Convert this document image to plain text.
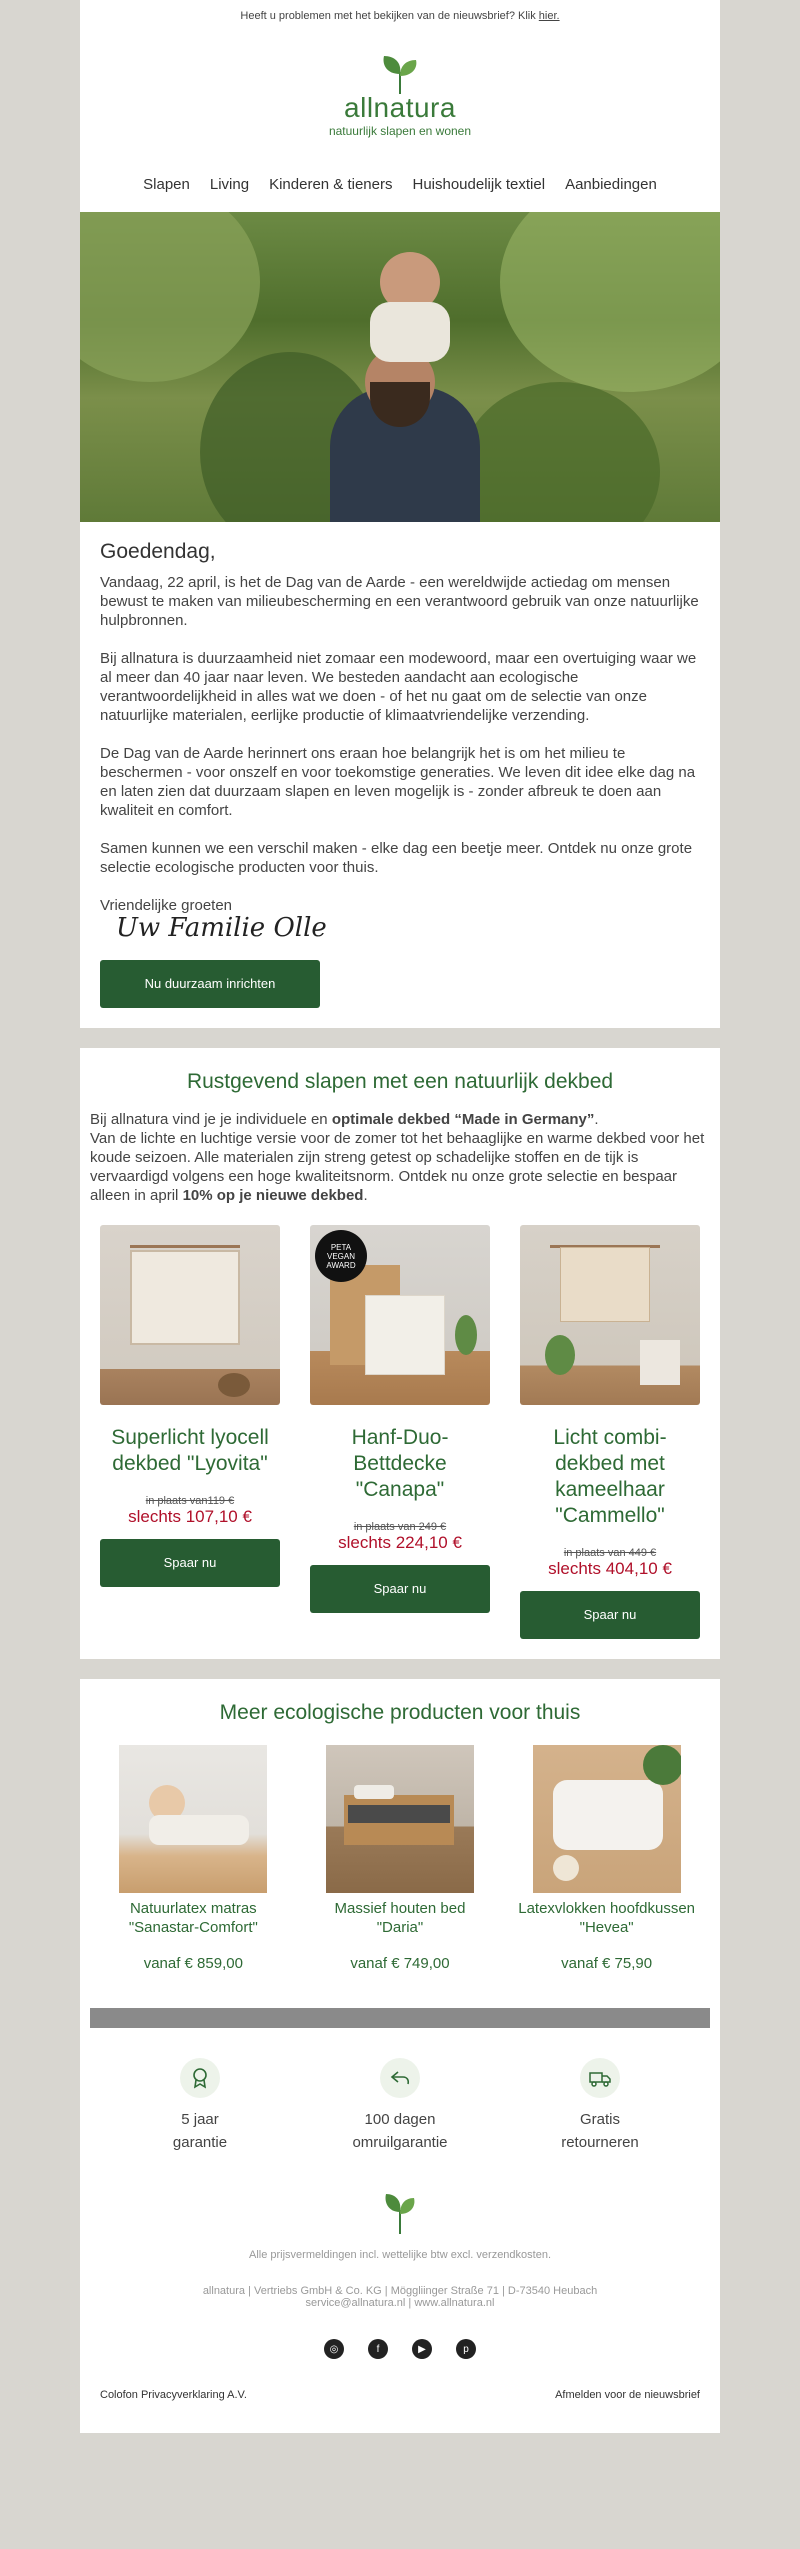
Heeft u problemen met het bekijken van de nieuwsbrief? Klik hier.
allnatura
natuurlijk slapen en wonen
Slapen	Living	Kinderen & tieners	Huishoudelijk textiel	Aanbiedingen
Goedendag,

Vandaag, 22 april, is het de Dag van de Aarde - een wereldwijde actiedag om mensen bewust te maken van milieubescherming en een verantwoord gebruik van onze natuurlijke hulpbronnen.

Bij allnatura is duurzaamheid niet zomaar een modewoord, maar een overtuiging waar we al meer dan 40 jaar naar leven. We besteden aandacht aan ecologische verantwoordelijkheid in alles wat we doen - of het nu gaat om de selectie van onze natuurlijke materialen, eerlijke productie of klimaatvriendelijke verzending.

De Dag van de Aarde herinnert ons eraan hoe belangrijk het is om het milieu te beschermen - voor onszelf en voor toekomstige generaties. We leven dit idee elke dag na en laten zien dat duurzaam slapen en leven mogelijk is - zonder afbreuk te doen aan kwaliteit en comfort.

Samen kunnen we een verschil maken - elke dag een beetje meer. Ontdek nu onze grote selectie ecologische producten voor thuis.

Vriendelijke groeten
Uw Familie Olle
Nu duurzaam inrichten
Rustgevend slapen met een natuurlijk dekbed
Bij allnatura vind je je individuele en optimale dekbed “Made in Germany”.
Van de lichte en luchtige versie voor de zomer tot het behaaglijke en warme dekbed voor het koude seizoen. Alle materialen zijn streng getest op schadelijke stoffen en de tijk is vervaardigd volgens een hoge kwaliteitsnorm. Ontdek nu onze grote selectie en bespaar alleen in april 10% op je nieuwe dekbed.
Superlicht lyocell dekbed "Lyovita"
in plaats van119 €
slechts 107,10 €
Spaar nu
PETA VEGAN AWARD
Hanf-Duo-Bettdecke "Canapa"
in plaats van 249 €
slechts 224,10 €
Spaar nu
Licht combi-dekbed met kameelhaar "Cammello"
in plaats van 449 €
slechts 404,10 €
Spaar nu
Meer ecologische producten voor thuis
Natuurlatex matras "Sanastar-Comfort"
vanaf € 859,00
Massief houten bed "Daria"
vanaf € 749,00
Latexvlokken hoofdkussen "Hevea"
vanaf € 75,90
5 jaar
garantie
100 dagen
omruilgarantie
Gratis
retourneren
Alle prijsvermeldingen incl. wettelijke btw excl. verzendkosten.
allnatura | Vertriebs GmbH & Co. KG | Möggliinger Straße 71 | D-73540 Heubach
service@allnatura.nl | www.allnatura.nl
◎	f	▶	p
Colofon Privacyverklaring A.V.	Afmelden voor de nieuwsbrief
